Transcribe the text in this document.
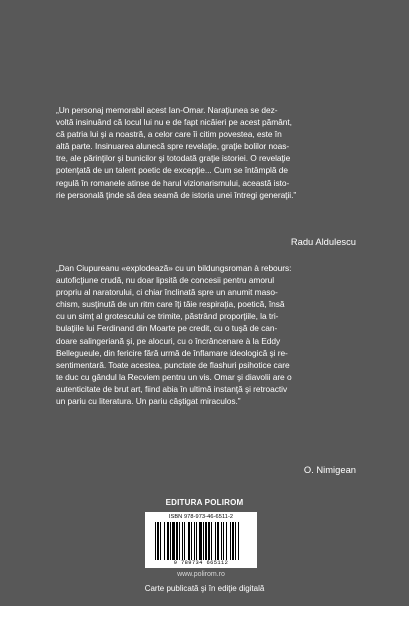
„Un personaj memorabil acest Ian-Omar. Naraţiunea se dez-

voltă insinuând că locul lui nu e de fapt nicăieri pe acest pământ,

că patria lui şi a noastră, a celor care îi citim povestea, este în

altă parte. Insinuarea alunecă spre revelaţie, graţie bolilor noas-

tre, ale părinţilor şi bunicilor şi totodată graţie istoriei. O revelaţie

potenţată de un talent poetic de excepţie... Cum se întâmplă de

regulă în romanele atinse de harul vizionarismului, această isto-

rie personală ţinde să dea seamă de istoria unei întregi generaţii.”

Radu Aldulescu

„Dan Ciupureanu «explodează» cu un bildungsroman à rebours:

autoficţiune crudă, nu doar lipsită de concesii pentru amorul

propriu al naratorului, ci chiar înclinată spre un anumit maso-

chism, susţinută de un ritm care îţi tăie respiraţia, poetică, însă

cu un simţ al grotescului ce trimite, păstrând proporţiile, la tri-

bulaţiile lui Ferdinand din Moarte pe credit, cu o tuşă de can-

doare salingeriană şi, pe alocuri, cu o încrâncenare à la Eddy

Bellegueule, din fericire fără urmă de înflamare ideologică şi re-

sentimentară. Toate acestea, punctate de flashuri psihotice care

te duc cu gândul la Recviem pentru un vis. Omar şi diavolii are o

autenticitate de brut art, fiind abia în ultimă instanţă şi retroactiv

un pariu cu literatura. Un pariu câştigat miraculos.”

O. Nimigean
EDITURA POLIROM
ISBN 978-973-46-6511-2
9 789734 665112
www.polirom.ro
Carte publicată şi în ediţie digitală
